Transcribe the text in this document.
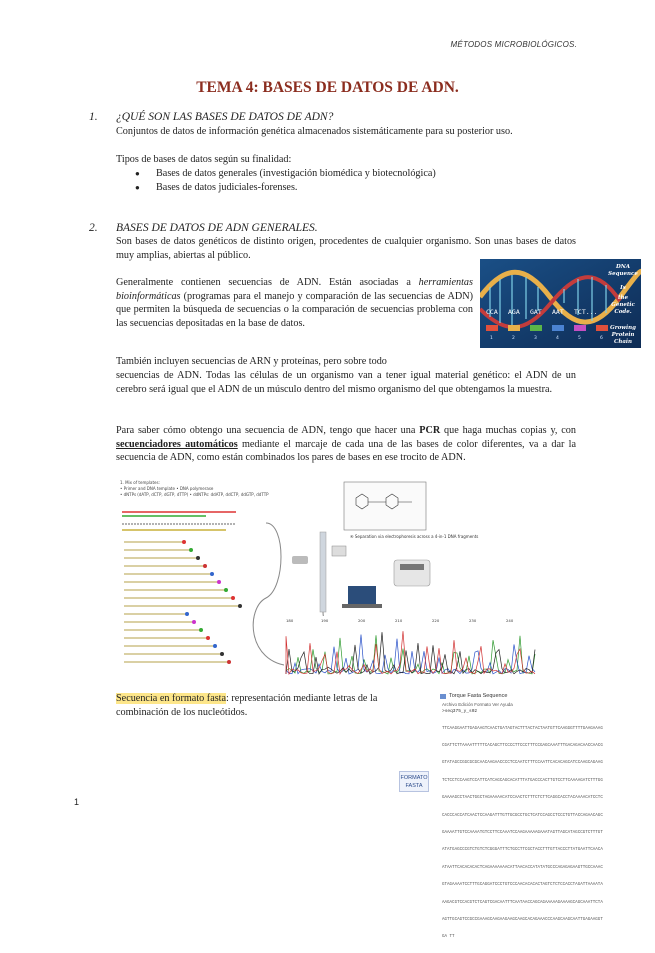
MÉTODOS MICROBIOLÓGICOS.
TEMA 4: BASES DE DATOS DE ADN.
1. ¿QUÉ SON LAS BASES DE DATOS DE ADN?
Conjuntos de datos de información genética almacenados sistemáticamente para su posterior uso.
Tipos de bases de datos según su finalidad:
● Bases de datos generales (investigación biomédica y biotecnológica)
● Bases de datos judiciales-forenses.
2. BASES DE DATOS DE ADN GENERALES.
Son bases de datos genéticos de distinto origen, procedentes de cualquier organismo. Son unas bases de datos muy amplias, abiertas al público.
Generalmente contienen secuencias de ADN. Están asociadas a herramientas bioinformáticas (programas para el manejo y comparación de las secuencias de ADN) que permiten la búsqueda de secuencias o la comparación de secuencias problema con las secuencias depositadas en la base de datos.
También incluyen secuencias de ARN y proteínas, pero sobre todo
secuencias de ADN. Todas las células de un organismo van a tener igual material genético: el ADN de un cerebro será igual que el ADN de un músculo dentro del mismo organismo del que obtengamos la muestra.
Para saber cómo obtengo una secuencia de ADN, tengo que hacer una PCR que haga muchas copias y, con secuenciadores automáticos mediante el marcaje de cada una de las bases de color diferentes, va a dar la secuencia de ADN, como están combinados los pares de bases en ese trocito de ADN.
CCA AGA GAT AAT TCT...
1	2	3	4	5	6
DNA
Sequence
Is
the
Genetic
Code.
Growing
Protein
Chain
1. Mix of templates:
• Primer and DNA template • DNA polymerase
• dNTPs (dATP, dCTP, dGTP, dTTP) • ddNTPs: ddATP, ddCTP, ddGTP, ddTTP
④ Separation via electrophoresis across a 4-in-1 DNA fragments
180	190	200	210	220	230	240
Secuencia en formato fasta: representación mediante letras de la combinación de los nucleótidos.
FORMATO
FASTA
Torque Fasta Sequence
Archivo Edición Formato Ver Ayuda
>seq375_y_s02

TTCAAGGAATTGAGAAGTCAACTGATAGTACTTTACTACTAATGTTCAAGGGTTTTGAAGAAAG

CGATTCTTAAAATTTTTCACAGCTTCCCCTTCCCTTTCCGAGCAAATTTGACAGACAACCAACG

GTATAGCCGGCGCGCAACAAGAACCCCTCCAATCTTTCCAATTCACACAGCATCCAAGCAGAAG

TCTCCTCCAAGTCCATTCATCAGCAGCACATTTATGACCCACTTGTCCTTCAAAAGATCTTTGG

GAAAAGCCTAACTGGCTAGAAAAACATCCAACTCTTTCTCTTCAGGCACCTACAAAACATCCTC

CACCCACCATCAACTCCAAGATTTGTTGCGCCTGCTCATCCAGCCTCCCTGTTACCAGAACAGC

GAAAATTGTCCAAAATGTCCTTCCAAATCCAAGAAAAAGAAATAGTTAGCATAGCCGTCTTTGT

ATATGAGCCCGTCTGTCTCGGGATTTCTGCCTTCGCTACCTTTGTTACCCTTATGAATTCAACA

ATAATTCACACACACTCAGAAAAAAACATTAACACCATATATGCCCAGAGAGAAGTTGCCAAAC

GTAGAAAATCCTTTGCAGGATCCCTGTCCCAACACACACTAGTCTCTCCACCTAGATTAAAATA

AAGACGTCCACGTCTCAGTCGACAATTTCAATAACCAGCAGAAAAAGAAAAGCAGCAAATTCTA

AGTTGCAGTCCGCCGAAAGCAAGAAGAAGCAAGCACAGAAACCCAAGCAAGCAATTGAGAAGGT

GA TT

1
